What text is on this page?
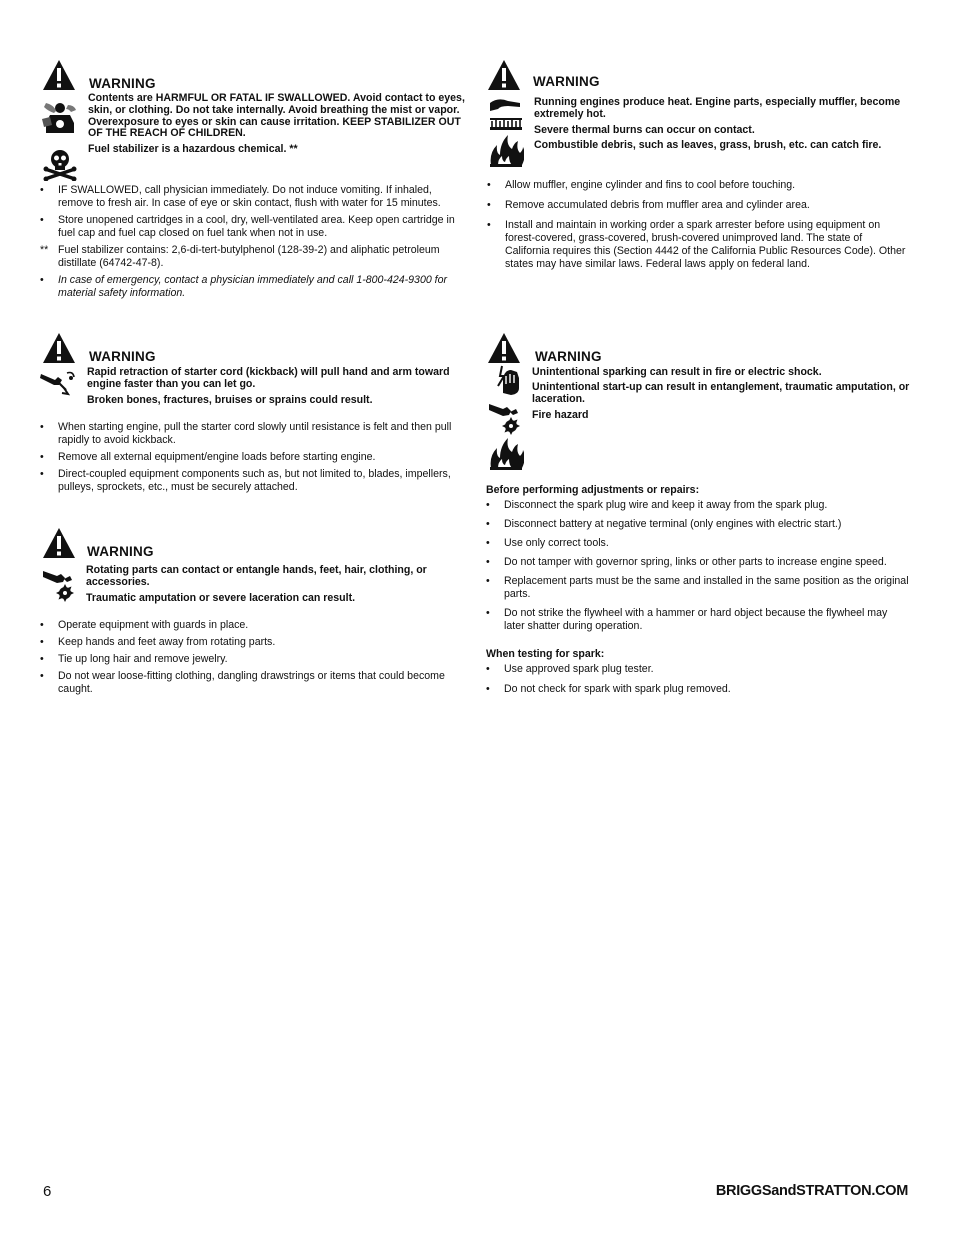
WARNING
Contents are HARMFUL OR FATAL IF SWALLOWED. Avoid contact to eyes, skin, or clothing. Do not take internally. Avoid breathing the mist or vapor. Overexposure to eyes or skin can cause irritation. KEEP STABILIZER OUT OF THE REACH OF CHILDREN.
Fuel stabilizer is a hazardous chemical. **
•	IF SWALLOWED, call physician immediately. Do not induce vomiting. If inhaled, remove to fresh air. In case of eye or skin contact, flush with water for 15 minutes.
•	Store unopened cartridges in a cool, dry, well-ventilated area. Keep open cartridge in fuel cap and fuel cap closed on fuel tank when not in use.
** Fuel stabilizer contains: 2,6-di-tert-butylphenol (128-39-2) and aliphatic petroleum distillate (64742-47-8).
•	In case of emergency, contact a physician immediately and call 1-800-424-9300 for material safety information.
WARNING
Running engines produce heat. Engine parts, especially muffler, become extremely hot.
Severe thermal burns can occur on contact.
Combustible debris, such as leaves, grass, brush, etc. can catch fire.
•	Allow muffler, engine cylinder and fins to cool before touching.
•	Remove accumulated debris from muffler area and cylinder area.
•	Install and maintain in working order a spark arrester before using equipment on forest-covered, grass-covered, brush-covered unimproved land. The state of California requires this (Section 4442 of the California Public Resources Code). Other states may have similar laws. Federal laws apply on federal land.
WARNING
Rapid retraction of starter cord (kickback) will pull hand and arm toward engine faster than you can let go.
Broken bones, fractures, bruises or sprains could result.
•	When starting engine, pull the starter cord slowly until resistance is felt and then pull rapidly to avoid kickback.
•	Remove all external equipment/engine loads before starting engine.
•	Direct-coupled equipment components such as, but not limited to, blades, impellers, pulleys, sprockets, etc., must be securely attached.
WARNING
Unintentional sparking can result in fire or electric shock.
Unintentional start-up can result in entanglement, traumatic amputation, or laceration.
Fire hazard
Before performing adjustments or repairs:
•	Disconnect the spark plug wire and keep it away from the spark plug.
•	Disconnect battery at negative terminal (only engines with electric start.)
•	Use only correct tools.
•	Do not tamper with governor spring, links or other parts to increase engine speed.
•	Replacement parts must be the same and installed in the same position as the original parts.
•	Do not strike the flywheel with a hammer or hard object because the flywheel may later shatter during operation.
When testing for spark:
•	Use approved spark plug tester.
•	Do not check for spark with spark plug removed.
WARNING
Rotating parts can contact or entangle hands, feet, hair, clothing, or accessories.
Traumatic amputation or severe laceration can result.
•	Operate equipment with guards in place.
•	Keep hands and feet away from rotating parts.
•	Tie up long hair and remove jewelry.
•	Do not wear loose-fitting clothing, dangling drawstrings or items that could become caught.
6	BRIGGSandSTRATTON.COM
